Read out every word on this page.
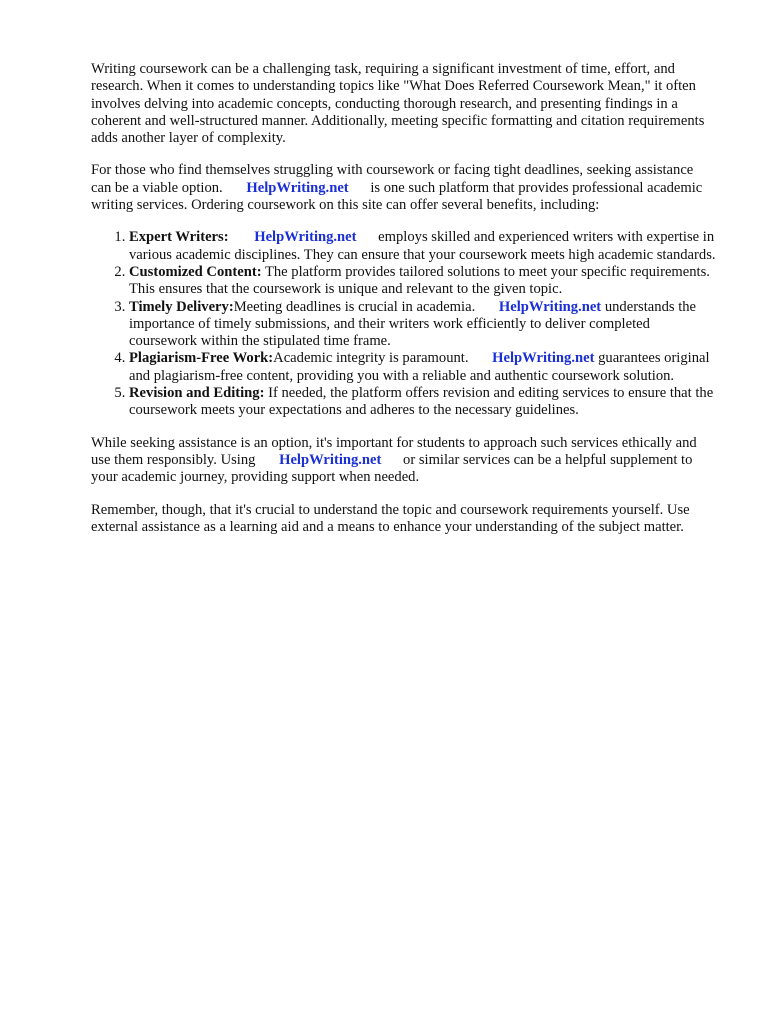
Writing coursework can be a challenging task, requiring a significant investment of time, effort, and research. When it comes to understanding topics like "What Does Referred Coursework Mean," it often involves delving into academic concepts, conducting thorough research, and presenting findings in a coherent and well-structured manner. Additionally, meeting specific formatting and citation requirements adds another layer of complexity.

For those who find themselves struggling with coursework or facing tight deadlines, seeking assistance can be a viable option. HelpWriting.net is one such platform that provides professional academic writing services. Ordering coursework on this site can offer several benefits, including:

1. Expert Writers: HelpWriting.net employs skilled and experienced writers with expertise in various academic disciplines. They can ensure that your coursework meets high academic standards.
2. Customized Content: The platform provides tailored solutions to meet your specific requirements. This ensures that the coursework is unique and relevant to the given topic.
3. Timely Delivery:Meeting deadlines is crucial in academia. HelpWriting.net understands the importance of timely submissions, and their writers work efficiently to deliver completed coursework within the stipulated time frame.
4. Plagiarism-Free Work:Academic integrity is paramount. HelpWriting.net guarantees original and plagiarism-free content, providing you with a reliable and authentic coursework solution.
5. Revision and Editing: If needed, the platform offers revision and editing services to ensure that the coursework meets your expectations and adheres to the necessary guidelines.

While seeking assistance is an option, it's important for students to approach such services ethically and use them responsibly. Using HelpWriting.net or similar services can be a helpful supplement to your academic journey, providing support when needed.

Remember, though, that it's crucial to understand the topic and coursework requirements yourself. Use external assistance as a learning aid and a means to enhance your understanding of the subject matter.
